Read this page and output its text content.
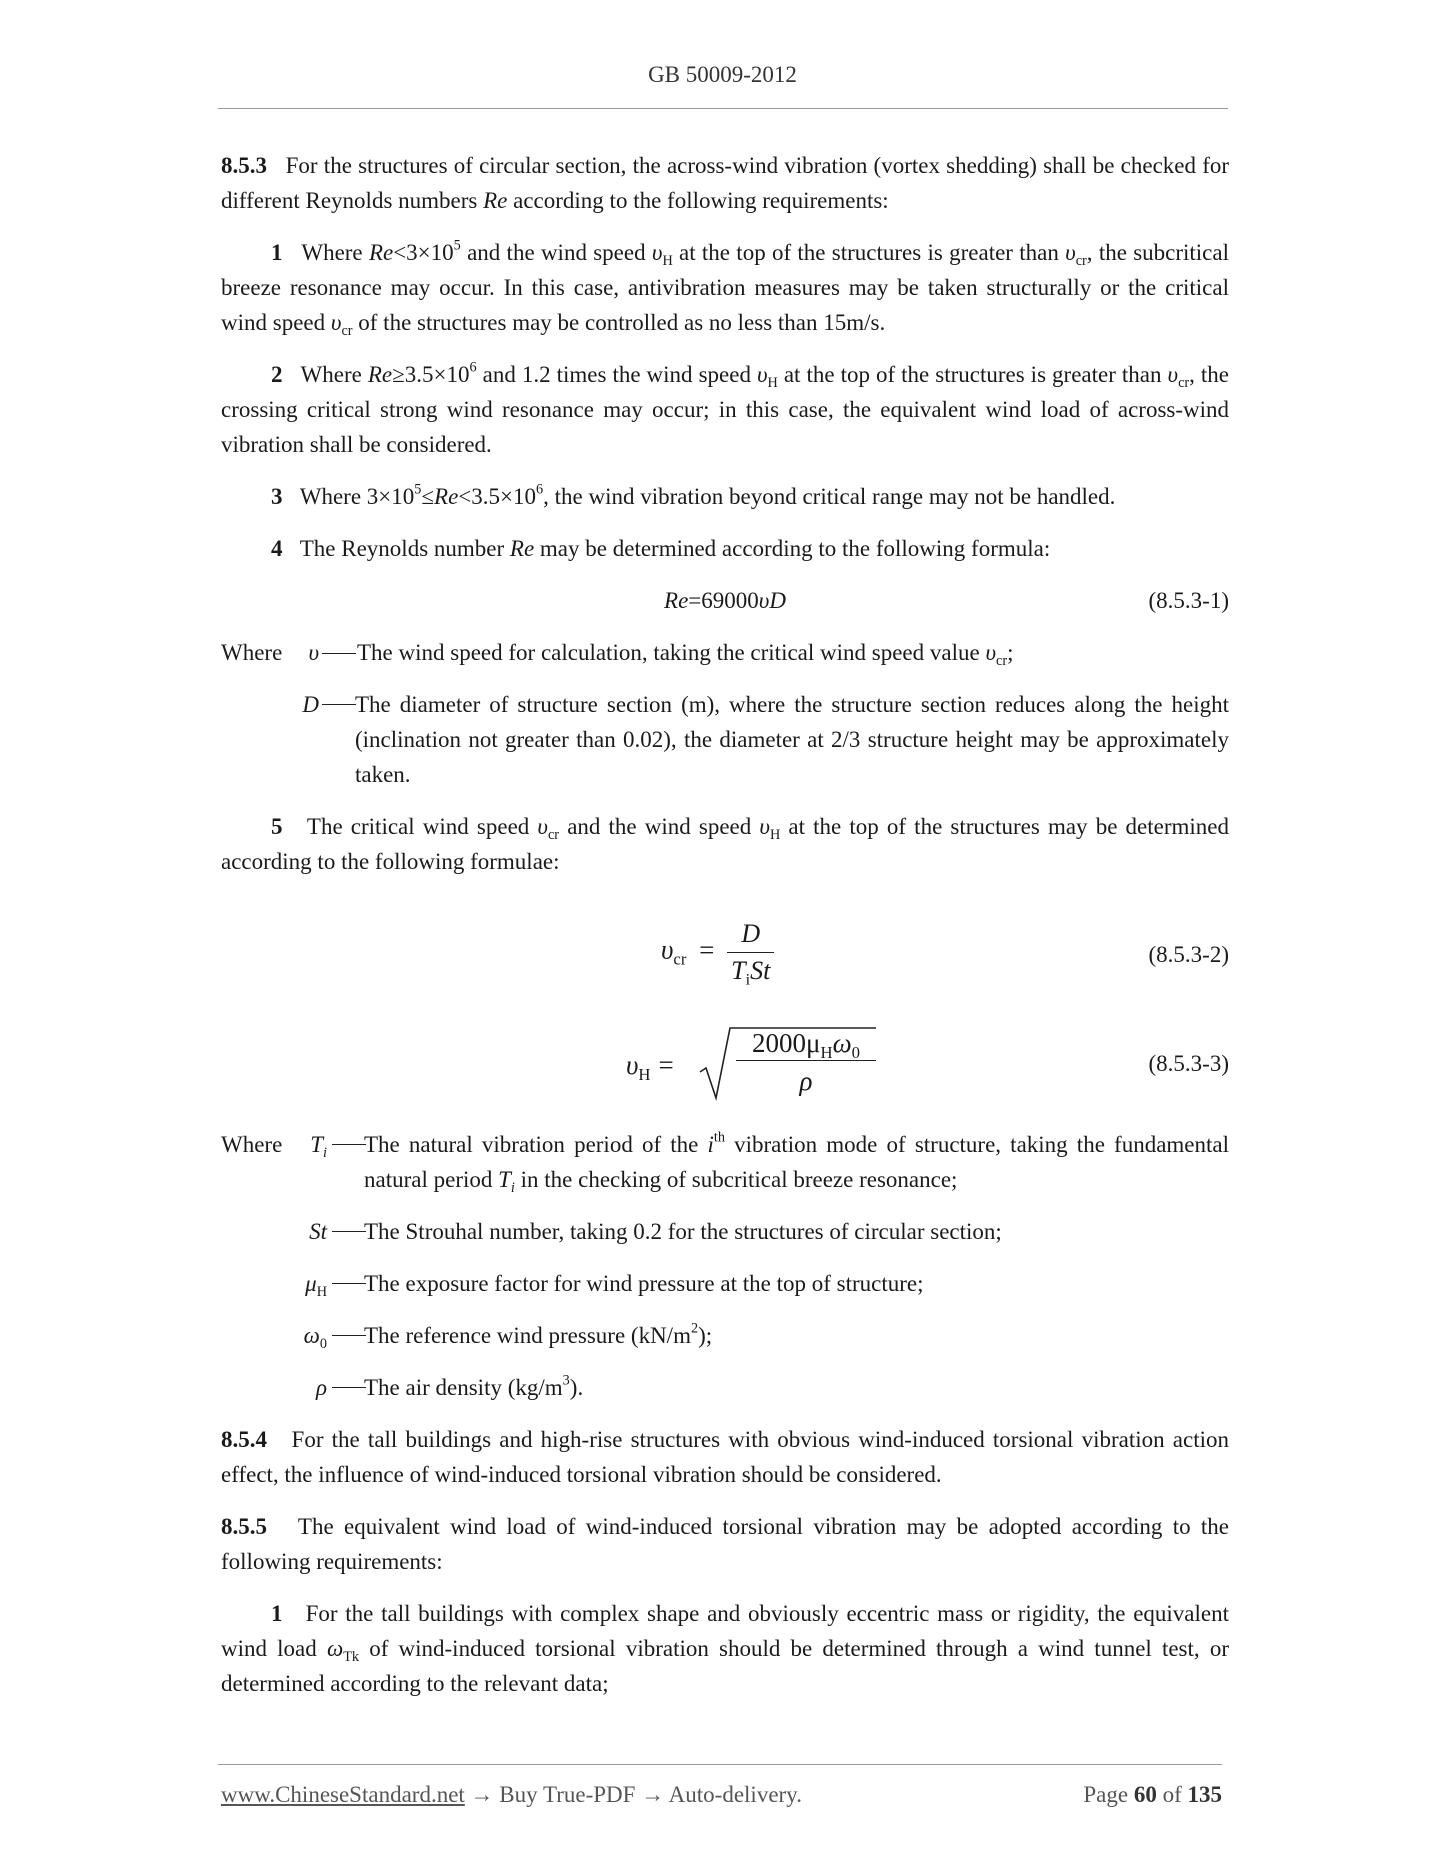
GB 50009-2012

8.5.3 For the structures of circular section, the across-wind vibration (vortex shedding) shall be checked for different Reynolds numbers Re according to the following requirements:

1 Where $Re<3\times 10^5$ and the wind speed $\upsilon_H$ at the top of the structures is greater than $\upsilon_{cr}$, the subcritical breeze resonance may occur. In this case, antivibration measures may be taken structurally or the critical wind speed $\upsilon_{cr}$ of the structures may be controlled as no less than 15m/s.

2 Where $Re\ge 3.5\times 10^6$ and 1.2 times the wind speed $\upsilon_H$ at the top of the structures is greater than $\upsilon_{cr}$, the crossing critical strong wind resonance may occur; in this case, the equivalent wind load of across-wind vibration shall be considered.

3 Where $3\times 10^5\le Re<3.5\times 10^6$, the wind vibration beyond critical range may not be handled.

4 The Reynolds number Re may be determined according to the following formula:

Re=69000υD	(8.5.3-1)
Where	υ The wind speed for calculation, taking the critical wind speed value $\upsilon_{cr}$;
D The diameter of structure section (m), where the structure section reduces along the height (inclination not greater than 0.02), the diameter at 2/3 structure height may be approximately taken.

5 The critical wind speed $\upsilon_{cr}$ and the wind speed $\upsilon_H$ at the top of the structures may be determined according to the following formulae:

$\upsilon_{cr} = \frac{D}{T_iSt}$	(8.5.3-2)
$\upsilon_H$ =
$2000\mu_H\omega_0$
ρ
(8.5.3-3)
Where	$T_i$ The natural vibration period of the $i^{th}$ vibration mode of structure, taking the fundamental natural period $T_i$ in the checking of subcritical breeze resonance;
St The Strouhal number, taking 0.2 for the structures of circular section;
$\mu_H$ The exposure factor for wind pressure at the top of structure;
$\omega_0$ The reference wind pressure $(kN/m^2)$;
ρ The air density $(kg/m^3)$.

8.5.4 For the tall buildings and high-rise structures with obvious wind-induced torsional vibration action effect, the influence of wind-induced torsional vibration should be considered.

8.5.5 The equivalent wind load of wind-induced torsional vibration may be adopted according to the following requirements:

1 For the tall buildings with complex shape and obviously eccentric mass or rigidity, the equivalent wind load $\omega_{Tk}$ of wind-induced torsional vibration should be determined through a wind tunnel test, or determined according to the relevant data;

www.ChineseStandard.net → Buy True-PDF → Auto-delivery.	Page 60 of 135
